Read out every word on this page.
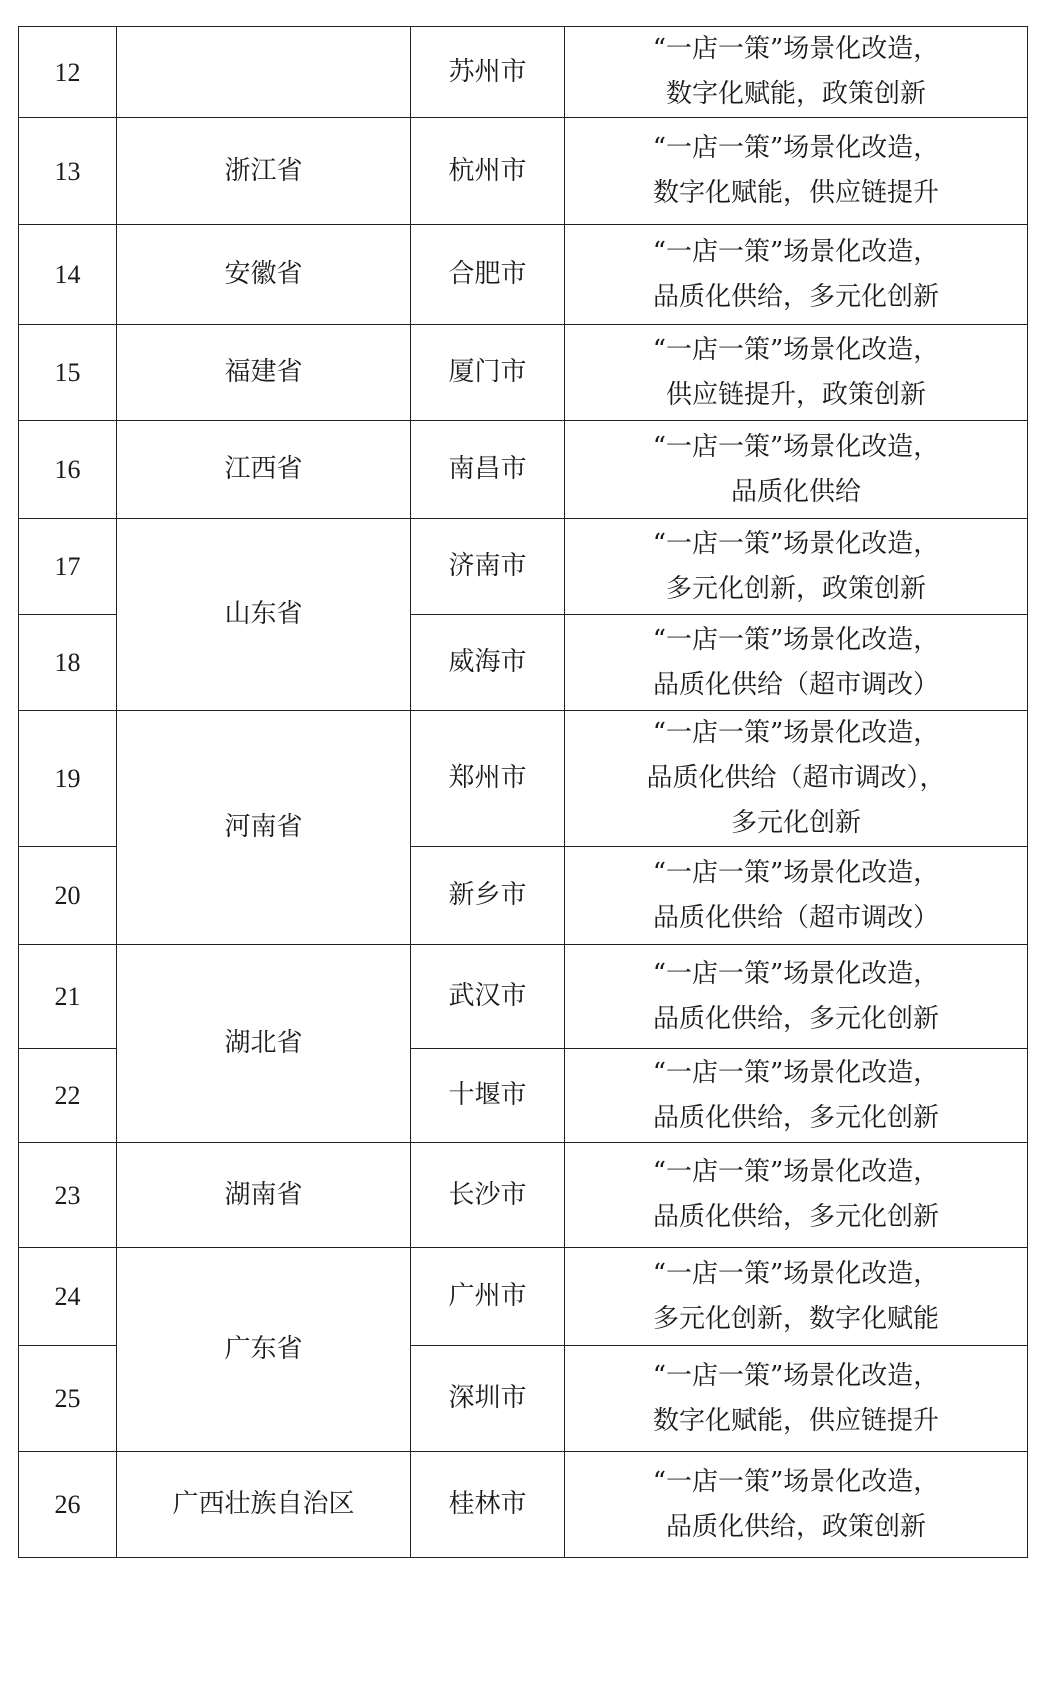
12		苏州市	“一店一策”场景化改造，
数字化赋能，政策创新

13	浙江省	杭州市	“一店一策”场景化改造，
数字化赋能，供应链提升

14	安徽省	合肥市	“一店一策”场景化改造，
品质化供给，多元化创新

15	福建省	厦门市	“一店一策”场景化改造，
供应链提升，政策创新

16	江西省	南昌市	“一店一策”场景化改造，
品质化供给

17	山东省	济南市	“一店一策”场景化改造，
多元化创新，政策创新

18		威海市	“一店一策”场景化改造，
品质化供给（超市调改）

19	河南省	郑州市	“一店一策”场景化改造，
品质化供给（超市调改），
多元化创新

20		新乡市	“一店一策”场景化改造，
品质化供给（超市调改）

21	湖北省	武汉市	“一店一策”场景化改造，
品质化供给，多元化创新

22		十堰市	“一店一策”场景化改造，
品质化供给，多元化创新

23	湖南省	长沙市	“一店一策”场景化改造，
品质化供给，多元化创新

24	广东省	广州市	“一店一策”场景化改造，
多元化创新，数字化赋能

25		深圳市	“一店一策”场景化改造，
数字化赋能，供应链提升

26	广西壮族自治区	桂林市	“一店一策”场景化改造，
品质化供给，政策创新
